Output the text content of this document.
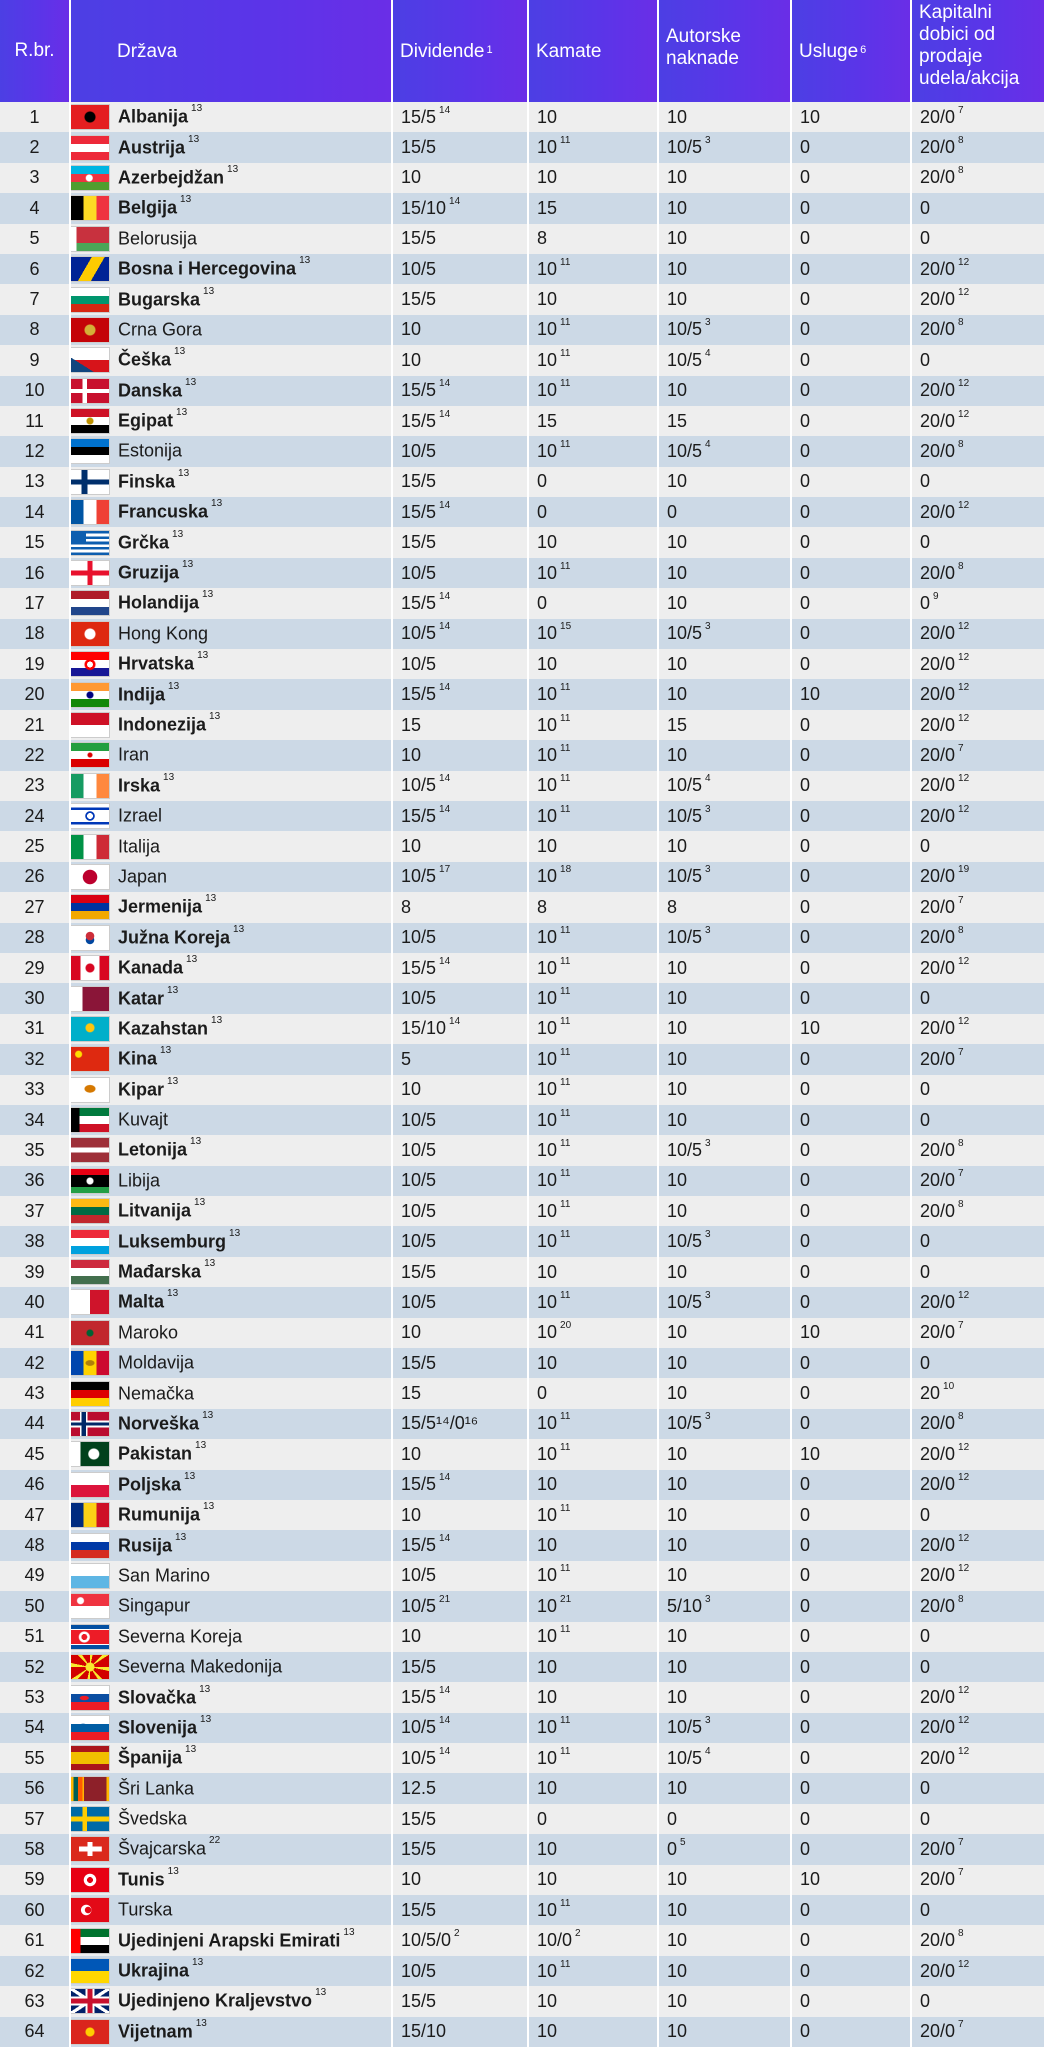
R.br.	Država	Dividende $^1$	Kamate	Autorske naknade	Usluge $^6$	Kapitalni dobici od prodaje udela/akcija
1	Albanija $^{13}$	15/5 $^{14}$	10	10	10	20/0 $^7$
2	Austrija $^{13}$	15/5	10 $^{11}$	10/5 $^3$	0	20/0 $^8$
3	Azerbejdžan $^{13}$	10	10	10	0	20/0 $^8$
4	Belgija $^{13}$	15/10 $^{14}$	15	10	0	0
5	Belorusija	15/5	8	10	0	0
6	Bosna i Hercegovina $^{13}$	10/5	10 $^{11}$	10	0	20/0 $^{12}$
7	Bugarska $^{13}$	15/5	10	10	0	20/0 $^{12}$
8	Crna Gora	10	10 $^{11}$	10/5 $^3$	0	20/0 $^8$
9	Češka $^{13}$	10	10 $^{11}$	10/5 $^4$	0	0
10	Danska $^{13}$	15/5 $^{14}$	10 $^{11}$	10	0	20/0 $^{12}$
11	Egipat $^{13}$	15/5 $^{14}$	15	15	0	20/0 $^{12}$
12	Estonija	10/5	10 $^{11}$	10/5 $^4$	0	20/0 $^8$
13	Finska $^{13}$	15/5	0	10	0	0
14	Francuska $^{13}$	15/5 $^{14}$	0	0	0	20/0 $^{12}$
15	Grčka $^{13}$	15/5	10	10	0	0
16	Gruzija $^{13}$	10/5	10 $^{11}$	10	0	20/0 $^8$
17	Holandija $^{13}$	15/5 $^{14}$	0	10	0	0 $^9$
18	Hong Kong	10/5 $^{14}$	10 $^{15}$	10/5 $^3$	0	20/0 $^{12}$
19	Hrvatska $^{13}$	10/5	10	10	0	20/0 $^{12}$
20	Indija $^{13}$	15/5 $^{14}$	10 $^{11}$	10	10	20/0 $^{12}$
21	Indonezija $^{13}$	15	10 $^{11}$	15	0	20/0 $^{12}$
22	Iran	10	10 $^{11}$	10	0	20/0 $^7$
23	Irska $^{13}$	10/5 $^{14}$	10 $^{11}$	10/5 $^4$	0	20/0 $^{12}$
24	Izrael	15/5 $^{14}$	10 $^{11}$	10/5 $^3$	0	20/0 $^{12}$
25	Italija	10	10	10	0	0
26	Japan	10/5 $^{17}$	10 $^{18}$	10/5 $^3$	0	20/0 $^{19}$
27	Jermenija $^{13}$	8	8	8	0	20/0 $^7$
28	Južna Koreja $^{13}$	10/5	10 $^{11}$	10/5 $^3$	0	20/0 $^8$
29	Kanada $^{13}$	15/5 $^{14}$	10 $^{11}$	10	0	20/0 $^{12}$
30	Katar $^{13}$	10/5	10 $^{11}$	10	0	0
31	Kazahstan $^{13}$	15/10 $^{14}$	10 $^{11}$	10	10	20/0 $^{12}$
32	Kina $^{13}$	5	10 $^{11}$	10	0	20/0 $^7$
33	Kipar $^{13}$	10	10 $^{11}$	10	0	0
34	Kuvajt	10/5	10 $^{11}$	10	0	0
35	Letonija $^{13}$	10/5	10 $^{11}$	10/5 $^3$	0	20/0 $^8$
36	Libija	10/5	10 $^{11}$	10	0	20/0 $^7$
37	Litvanija $^{13}$	10/5	10 $^{11}$	10	0	20/0 $^8$
38	Luksemburg $^{13}$	10/5	10 $^{11}$	10/5 $^3$	0	0
39	Mađarska $^{13}$	15/5	10	10	0	0
40	Malta $^{13}$	10/5	10 $^{11}$	10/5 $^3$	0	20/0 $^{12}$
41	Maroko	10	10 $^{20}$	10	10	20/0 $^7$
42	Moldavija	15/5	10	10	0	0
43	Nemačka	15	0	10	0	20 $^{10}$
44	Norveška $^{13}$	15/5¹⁴/0¹⁶	10 $^{11}$	10/5 $^3$	0	20/0 $^8$
45	Pakistan $^{13}$	10	10 $^{11}$	10	10	20/0 $^{12}$
46	Poljska $^{13}$	15/5 $^{14}$	10	10	0	20/0 $^{12}$
47	Rumunija $^{13}$	10	10 $^{11}$	10	0	0
48	Rusija $^{13}$	15/5 $^{14}$	10	10	0	20/0 $^{12}$
49	San Marino	10/5	10 $^{11}$	10	0	20/0 $^{12}$
50	Singapur	10/5 $^{21}$	10 $^{21}$	5/10 $^3$	0	20/0 $^8$
51	Severna Koreja	10	10 $^{11}$	10	0	0
52	Severna Makedonija	15/5	10	10	0	0
53	Slovačka $^{13}$	15/5 $^{14}$	10	10	0	20/0 $^{12}$
54	Slovenija $^{13}$	10/5 $^{14}$	10 $^{11}$	10/5 $^3$	0	20/0 $^{12}$
55	Španija $^{13}$	10/5 $^{14}$	10 $^{11}$	10/5 $^4$	0	20/0 $^{12}$
56	Šri Lanka	12.5	10	10	0	0
57	Švedska	15/5	0	0	0	0
58	Švajcarska $^{22}$	15/5	10	0 $^5$	0	20/0 $^7$
59	Tunis $^{13}$	10	10	10	10	20/0 $^7$
60	Turska	15/5	10 $^{11}$	10	0	0
61	Ujedinjeni Arapski Emirati $^{13}$	10/5/0 $^2$	10/0 $^2$	10	0	20/0 $^8$
62	Ukrajina $^{13}$	10/5	10 $^{11}$	10	0	20/0 $^{12}$
63	Ujedinjeno Kraljevstvo $^{13}$	15/5	10	10	0	0
64	Vijetnam $^{13}$	15/10	10	10	0	20/0 $^7$
